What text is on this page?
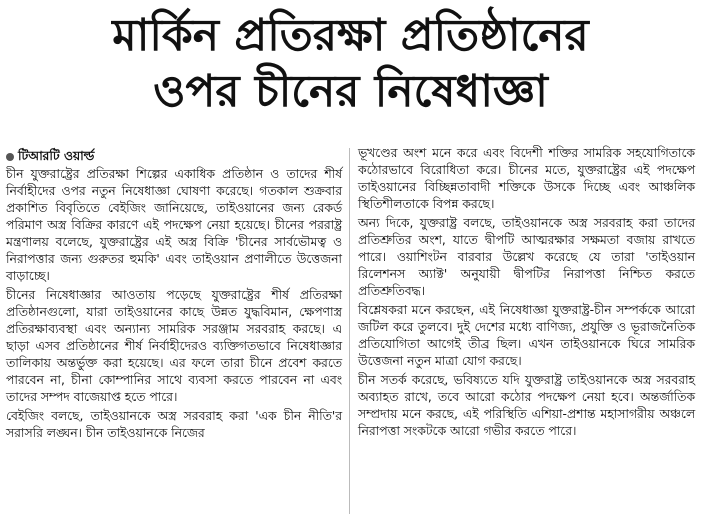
মার্কিন প্রতিরক্ষা প্রতিষ্ঠানের
ওপর চীনের নিষেধাজ্ঞা
টিআরটি ওয়ার্ল্ড

চীন যুক্তরাষ্ট্রের প্রতিরক্ষা শিল্পের একাধিক প্রতিষ্ঠান ও তাদের শীর্ষ নির্বাহীদের ওপর নতুন নিষেধাজ্ঞা ঘোষণা করেছে। গতকাল শুক্রবার প্রকাশিত বিবৃতিতে বেইজিং জানিয়েছে, তাইওয়ানের জন্য রেকর্ড পরিমাণ অস্ত্র বিক্রির কারণে এই পদক্ষেপ নেয়া হয়েছে। চীনের পররাষ্ট্র মন্ত্রণালয় বলেছে, যুক্তরাষ্ট্রের এই অস্ত্র বিক্রি 'চীনের সার্বভৌমত্ব ও নিরাপত্তার জন্য গুরুতর হুমকি' এবং তাইওয়ান প্রণালীতে উত্তেজনা বাড়াচ্ছে।

চীনের নিষেধাজ্ঞার আওতায় পড়েছে যুক্তরাষ্ট্রের শীর্ষ প্রতিরক্ষা প্রতিষ্ঠানগুলো, যারা তাইওয়ানের কাছে উন্নত যুদ্ধবিমান, ক্ষেপণাস্ত্র প্রতিরক্ষাব্যবস্থা এবং অন্যান্য সামরিক সরঞ্জাম সরবরাহ করছে। এ ছাড়া এসব প্রতিষ্ঠানের শীর্ষ নির্বাহীদেরও ব্যক্তিগতভাবে নিষেধাজ্ঞার তালিকায় অন্তর্ভুক্ত করা হয়েছে। এর ফলে তারা চীনে প্রবেশ করতে পারবেন না, চীনা কোম্পানির সাথে ব্যবসা করতে পারবেন না এবং তাদের সম্পদ বাজেয়াপ্ত হতে পারে।

বেইজিং বলছে, তাইওয়ানকে অস্ত্র সরবরাহ করা 'এক চীন নীতি'র সরাসরি লঙ্ঘন। চীন তাইওয়ানকে নিজের

ভূখণ্ডের অংশ মনে করে এবং বিদেশী শক্তির সামরিক সহযোগিতাকে কঠোরভাবে বিরোধিতা করে। চীনের মতে, যুক্তরাষ্ট্রের এই পদক্ষেপ তাইওয়ানের বিচ্ছিন্নতাবাদী শক্তিকে উসকে দিচ্ছে এবং আঞ্চলিক স্থিতিশীলতাকে বিপন্ন করছে।

অন্য দিকে, যুক্তরাষ্ট্র বলছে, তাইওয়ানকে অস্ত্র সরবরাহ করা তাদের প্রতিশ্রুতির অংশ, যাতে দ্বীপটি আত্মরক্ষার সক্ষমতা বজায় রাখতে পারে। ওয়াশিংটন বারবার উল্লেখ করেছে যে তারা 'তাইওয়ান রিলেশনস অ্যাক্ট' অনুযায়ী দ্বীপটির নিরাপত্তা নিশ্চিত করতে প্রতিশ্রুতিবদ্ধ।

বিশ্লেষকরা মনে করছেন, এই নিষেধাজ্ঞা যুক্তরাষ্ট্র-চীন সম্পর্ককে আরো জটিল করে তুলবে। দুই দেশের মধ্যে বাণিজ্য, প্রযুক্তি ও ভূরাজনৈতিক প্রতিযোগিতা আগেই তীব্র ছিল। এখন তাইওয়ানকে ঘিরে সামরিক উত্তেজনা নতুন মাত্রা যোগ করছে।

চীন সতর্ক করেছে, ভবিষ্যতে যদি যুক্তরাষ্ট্র তাইওয়ানকে অস্ত্র সরবরাহ অব্যাহত রাখে, তবে আরো কঠোর পদক্ষেপ নেয়া হবে। অন্তর্জাতিক সম্প্রদায় মনে করছে, এই পরিস্থিতি এশিয়া-প্রশান্ত মহাসাগরীয় অঞ্চলে নিরাপত্তা সংকটকে আরো গভীর করতে পারে।
